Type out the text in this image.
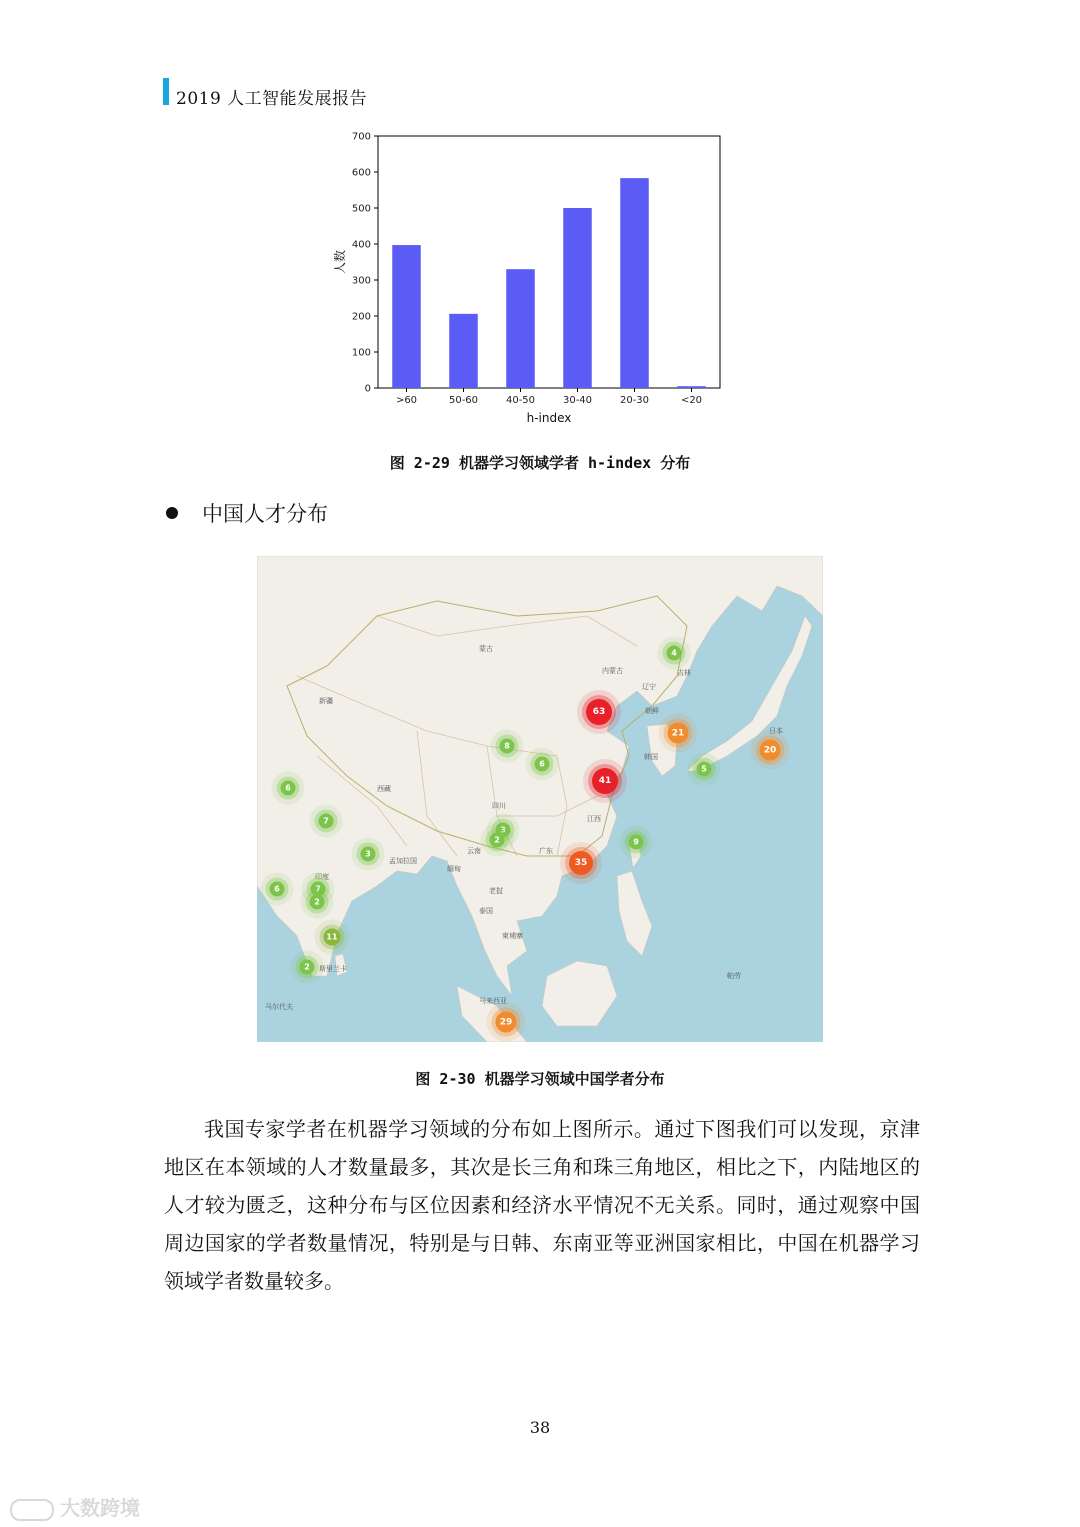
2019 人工智能发展报告
0
100
200
300
400
500
600
700
>60	50-60	40-50	30-40	20-30	<20
人数
h-index
图 2-29 机器学习领域学者 h-index 分布
中国人才分布
蒙古
内蒙古
朝鲜
韩国
日本
印度
孟加拉国
缅甸
老挝
泰国
柬埔寨
斯里兰卡
马尔代夫
马来西亚
帕劳
新疆
西藏
广东
江西
吉林
辽宁
四川
云南
63
41
35
29
21
20
11
9
8
7
7
6
6
6
5
4
3
3
2
2
2
图 2-30 机器学习领域中国学者分布

我国专家学者在机器学习领域的分布如上图所示。通过下图我们可以发现，京津地区在本领域的人才数量最多，其次是长三角和珠三角地区，相比之下，内陆地区的人才较为匮乏，这种分布与区位因素和经济水平情况不无关系。同时，通过观察中国周边国家的学者数量情况，特别是与日韩、东南亚等亚洲国家相比，中国在机器学习领域学者数量较多。

38
大数跨境
